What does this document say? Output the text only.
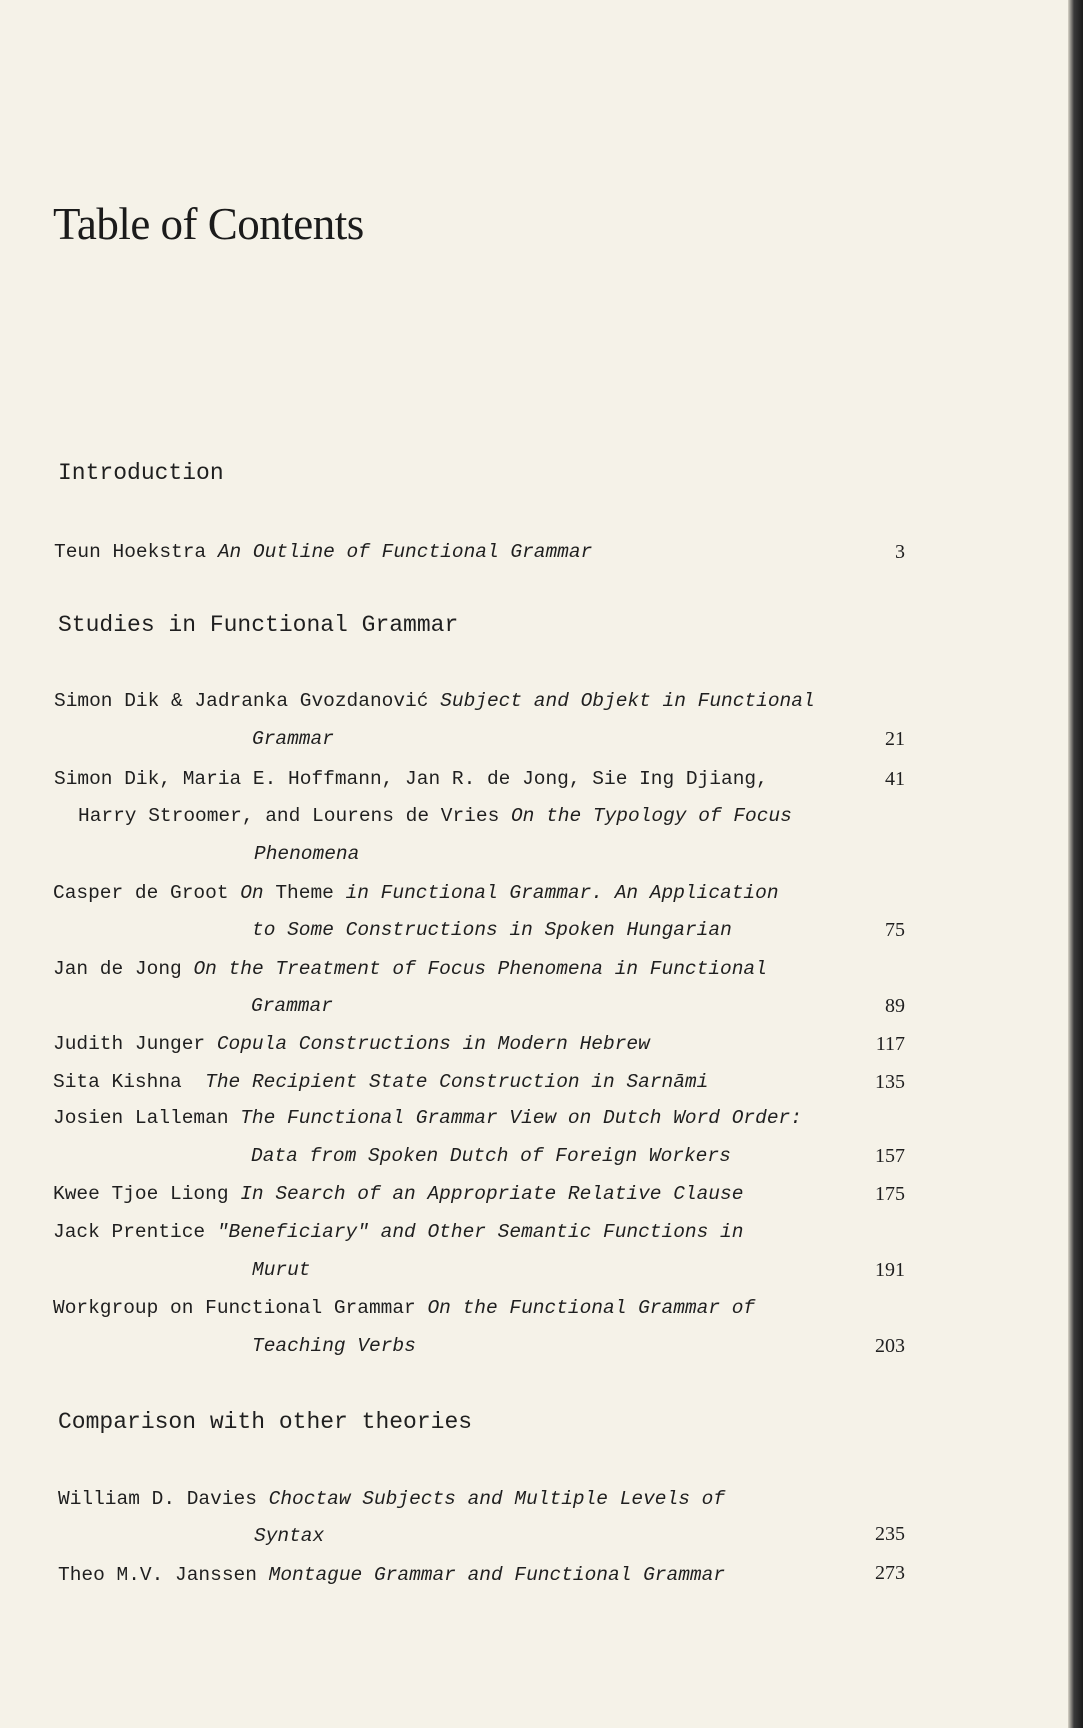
Table of Contents
Introduction
Teun Hoekstra An Outline of Functional Grammar	3
Studies in Functional Grammar
Simon Dik & Jadranka Gvozdanović Subject and Objekt in Functional
Grammar	21
Simon Dik, Maria E. Hoffmann, Jan R. de Jong, Sie Ing Djiang,	41
Harry Stroomer, and Lourens de Vries On the Typology of Focus
Phenomena
Casper de Groot On Theme in Functional Grammar. An Application
to Some Constructions in Spoken Hungarian	75
Jan de Jong On the Treatment of Focus Phenomena in Functional
Grammar	89
Judith Junger Copula Constructions in Modern Hebrew	117
Sita Kishna The Recipient State Construction in Sarnāmi	135
Josien Lalleman The Functional Grammar View on Dutch Word Order:
Data from Spoken Dutch of Foreign Workers	157
Kwee Tjoe Liong In Search of an Appropriate Relative Clause	175
Jack Prentice "Beneficiary" and Other Semantic Functions in
Murut	191
Workgroup on Functional Grammar On the Functional Grammar of
Teaching Verbs	203
Comparison with other theories
William D. Davies Choctaw Subjects and Multiple Levels of
Syntax	235
Theo M.V. Janssen Montague Grammar and Functional Grammar	273
